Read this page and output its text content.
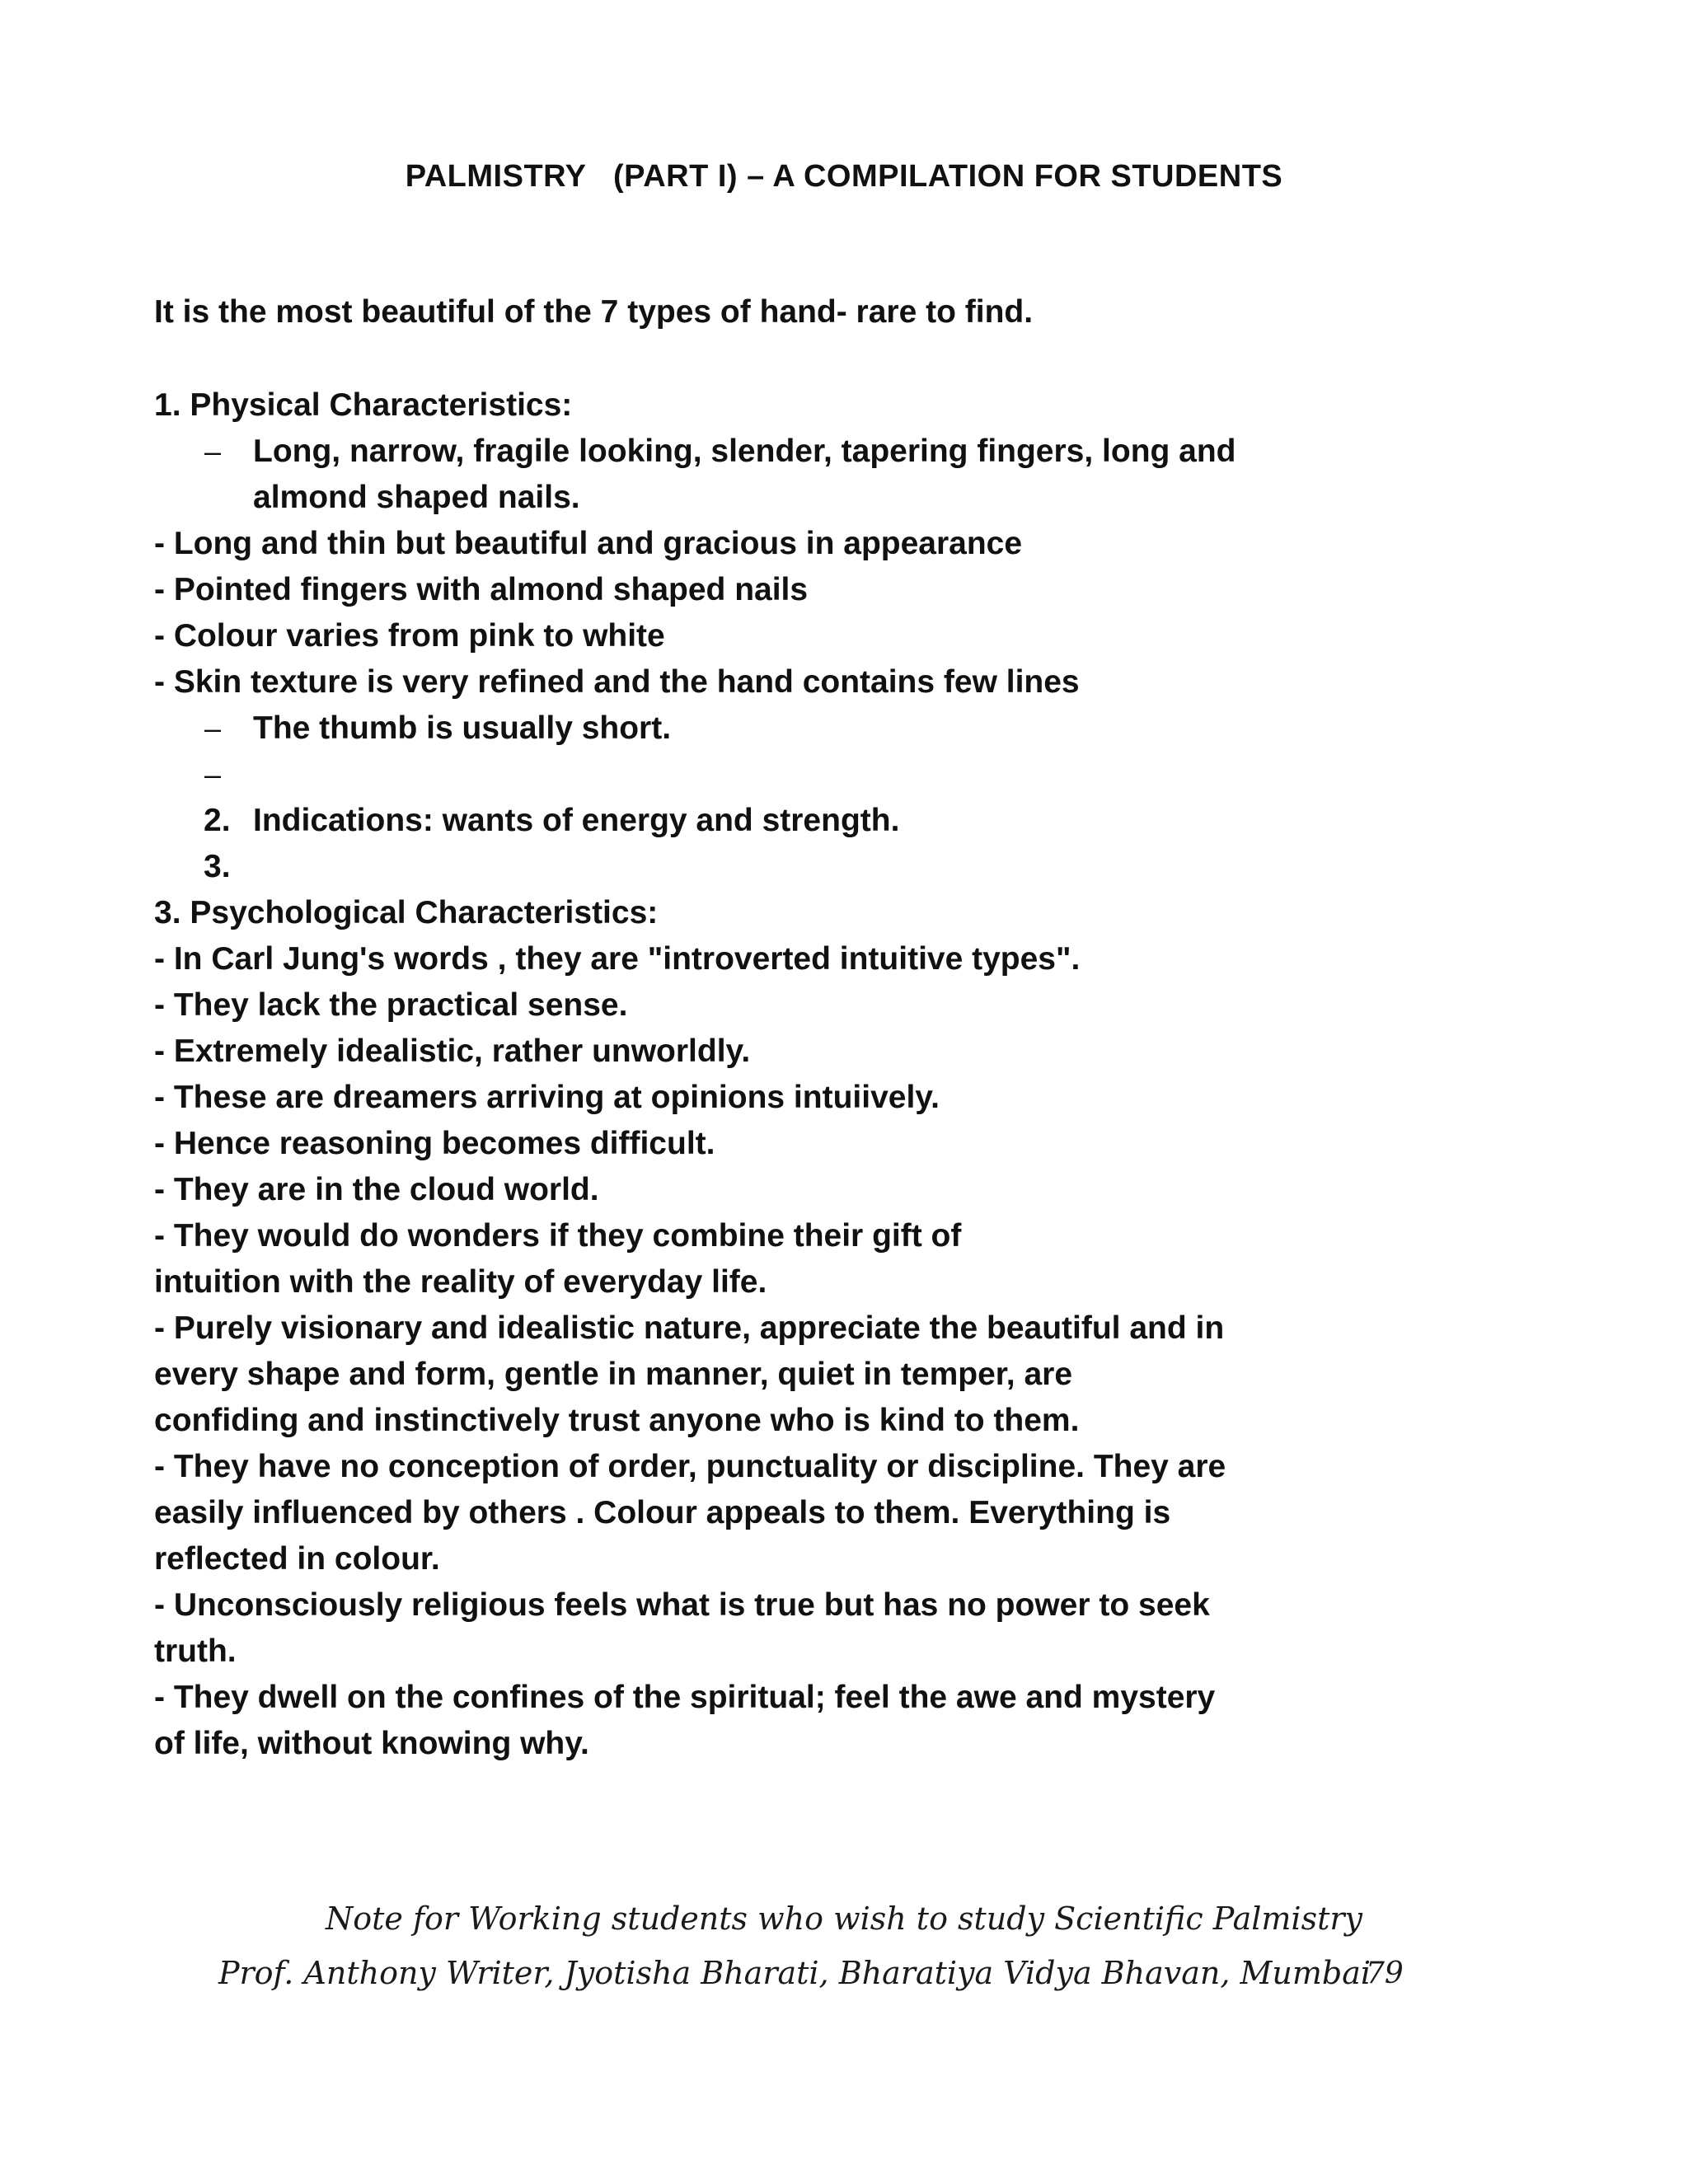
PALMISTRY   (PART I) – A COMPILATION FOR STUDENTS
It is the most beautiful of the 7 types of hand- rare to find.
1. Physical Characteristics:
– Long, narrow, fragile looking, slender, tapering fingers, long and
almond shaped nails.
- Long and thin but beautiful and gracious in appearance
- Pointed fingers with almond shaped nails
- Colour varies from pink to white
- Skin texture is very refined and the hand contains few lines
– The thumb is usually short.
–
2. Indications: wants of energy and strength.
3.
3. Psychological Characteristics:
- In Carl Jung's words , they are "introverted intuitive types".
- They lack the practical sense.
- Extremely idealistic, rather unworldly.
- These are dreamers arriving at opinions intuiively.
- Hence reasoning becomes difficult.
- They are in the cloud world.
- They would do wonders if they combine their gift of
intuition with the reality of everyday life.
- Purely visionary and idealistic nature, appreciate the beautiful and in
every shape and form, gentle in manner, quiet in temper, are
confiding and instinctively trust anyone who is kind to them.
- They have no conception of order, punctuality or discipline. They are
easily influenced by others . Colour appeals to them. Everything is
reflected in colour.
- Unconsciously religious feels what is true but has no power to seek
truth.
- They dwell on the confines of the spiritual; feel the awe and mystery
of life, without knowing why.
Note for Working students who wish to study Scientific Palmistry
Prof. Anthony Writer, Jyotisha Bharati, Bharatiya Vidya Bhavan, Mumbai
79
